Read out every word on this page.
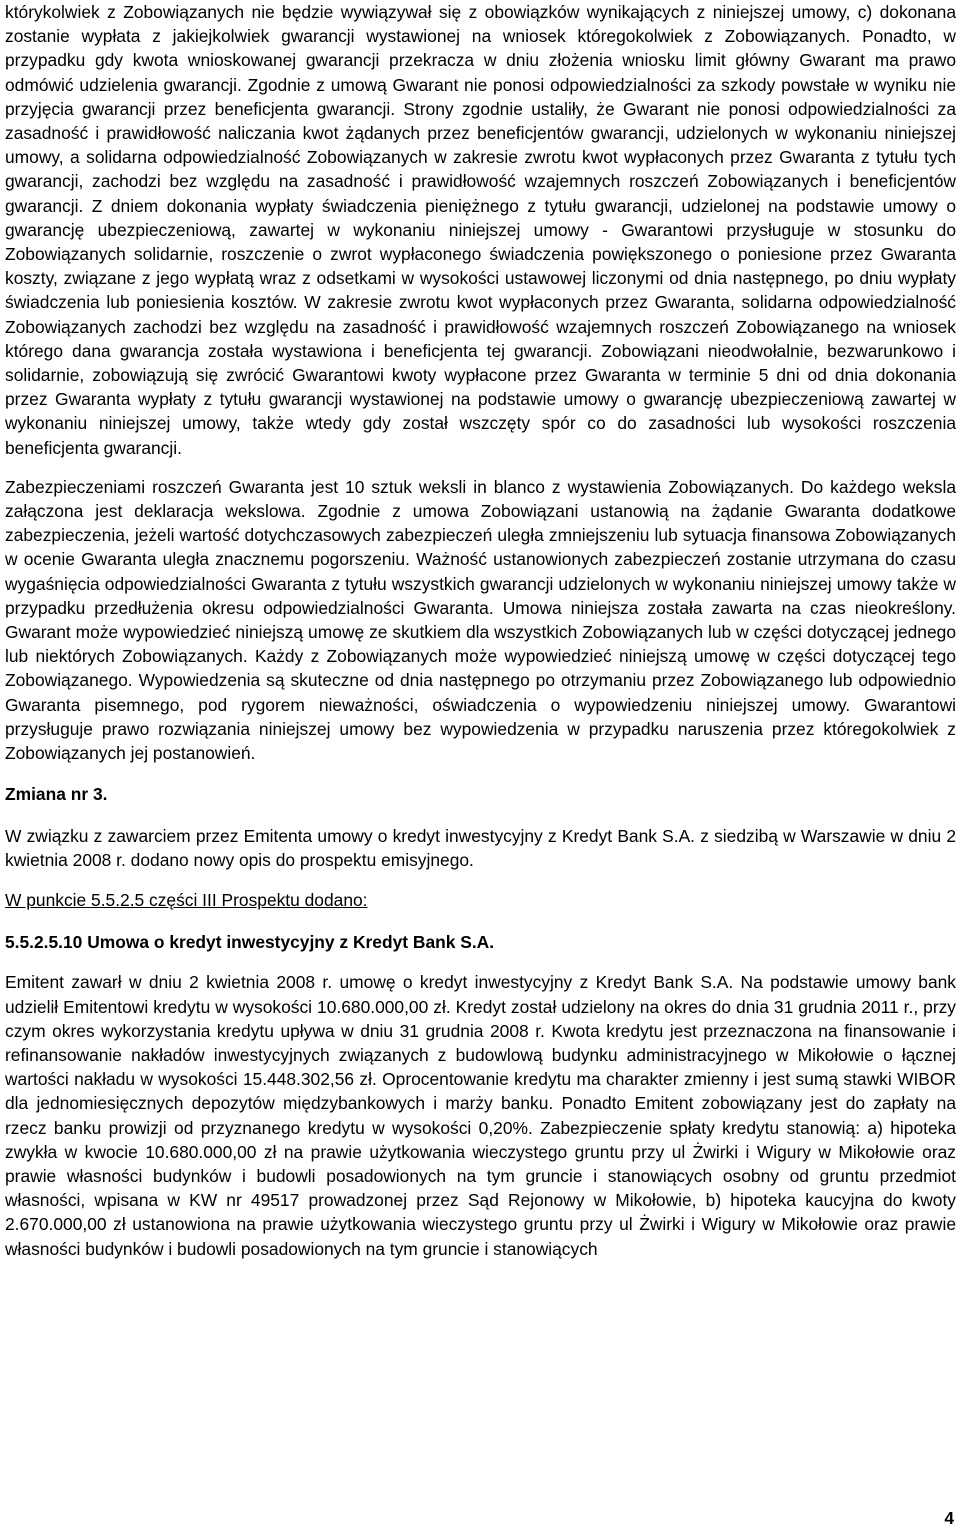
którykolwiek z Zobowiązanych nie będzie wywiązywał się z obowiązków wynikających z niniejszej umowy, c) dokonana zostanie wypłata z jakiejkolwiek gwarancji wystawionej na wniosek któregokolwiek z Zobowiązanych. Ponadto, w przypadku gdy kwota wnioskowanej gwarancji przekracza w dniu złożenia wniosku limit główny Gwarant ma prawo odmówić udzielenia gwarancji. Zgodnie z umową Gwarant nie ponosi odpowiedzialności za szkody powstałe w wyniku nie przyjęcia gwarancji przez beneficjenta gwarancji. Strony zgodnie ustaliły, że Gwarant nie ponosi odpowiedzialności za zasadność i prawidłowość naliczania kwot żądanych przez beneficjentów gwarancji, udzielonych w wykonaniu niniejszej umowy, a solidarna odpowiedzialność Zobowiązanych w zakresie zwrotu kwot wypłaconych przez Gwaranta z tytułu tych gwarancji, zachodzi bez względu na zasadność i prawidłowość wzajemnych roszczeń Zobowiązanych i beneficjentów gwarancji. Z dniem dokonania wypłaty świadczenia pieniężnego z tytułu gwarancji, udzielonej na podstawie umowy o gwarancję ubezpieczeniową, zawartej w wykonaniu niniejszej umowy - Gwarantowi przysługuje w stosunku do Zobowiązanych solidarnie, roszczenie o zwrot wypłaconego świadczenia powiększonego o poniesione przez Gwaranta koszty, związane z jego wypłatą wraz z odsetkami w wysokości ustawowej liczonymi od dnia następnego, po dniu wypłaty świadczenia lub poniesienia kosztów. W zakresie zwrotu kwot wypłaconych przez Gwaranta, solidarna odpowiedzialność Zobowiązanych zachodzi bez względu na zasadność i prawidłowość wzajemnych roszczeń Zobowiązanego na wniosek którego dana gwarancja została wystawiona i beneficjenta tej gwarancji. Zobowiązani nieodwołalnie, bezwarunkowo i solidarnie, zobowiązują się zwrócić Gwarantowi kwoty wypłacone przez Gwaranta w terminie 5 dni od dnia dokonania przez Gwaranta wypłaty z tytułu gwarancji wystawionej na podstawie umowy o gwarancję ubezpieczeniową zawartej w wykonaniu niniejszej umowy, także wtedy gdy został wszczęty spór co do zasadności lub wysokości roszczenia beneficjenta gwarancji.

Zabezpieczeniami roszczeń Gwaranta jest 10 sztuk weksli in blanco z wystawienia Zobowiązanych. Do każdego weksla załączona jest deklaracja wekslowa. Zgodnie z umowa Zobowiązani ustanowią na żądanie Gwaranta dodatkowe zabezpieczenia, jeżeli wartość dotychczasowych zabezpieczeń uległa zmniejszeniu lub sytuacja finansowa Zobowiązanych w ocenie Gwaranta uległa znacznemu pogorszeniu. Ważność ustanowionych zabezpieczeń zostanie utrzymana do czasu wygaśnięcia odpowiedzialności Gwaranta z tytułu wszystkich gwarancji udzielonych w wykonaniu niniejszej umowy także w przypadku przedłużenia okresu odpowiedzialności Gwaranta. Umowa niniejsza została zawarta na czas nieokreślony. Gwarant może wypowiedzieć niniejszą umowę ze skutkiem dla wszystkich Zobowiązanych lub w części dotyczącej jednego lub niektórych Zobowiązanych. Każdy z Zobowiązanych może wypowiedzieć niniejszą umowę w części dotyczącej tego Zobowiązanego. Wypowiedzenia są skuteczne od dnia następnego po otrzymaniu przez Zobowiązanego lub odpowiednio Gwaranta pisemnego, pod rygorem nieważności, oświadczenia o wypowiedzeniu niniejszej umowy. Gwarantowi przysługuje prawo rozwiązania niniejszej umowy bez wypowiedzenia w przypadku naruszenia przez któregokolwiek z Zobowiązanych jej postanowień.

Zmiana nr 3.

W związku z zawarciem przez Emitenta umowy o kredyt inwestycyjny z Kredyt Bank S.A. z siedzibą w Warszawie w dniu 2 kwietnia 2008 r. dodano nowy opis do prospektu emisyjnego.

W punkcie 5.5.2.5 części III Prospektu dodano:

5.5.2.5.10 Umowa o kredyt inwestycyjny z Kredyt Bank S.A.

Emitent zawarł w dniu 2 kwietnia 2008 r. umowę o kredyt inwestycyjny z Kredyt Bank S.A. Na podstawie umowy bank udzielił Emitentowi kredytu w wysokości 10.680.000,00 zł. Kredyt został udzielony na okres do dnia 31 grudnia 2011 r., przy czym okres wykorzystania kredytu upływa w dniu 31 grudnia 2008 r. Kwota kredytu jest przeznaczona na finansowanie i refinansowanie nakładów inwestycyjnych związanych z budowlową budynku administracyjnego w Mikołowie o łącznej wartości nakładu w wysokości 15.448.302,56 zł. Oprocentowanie kredytu ma charakter zmienny i jest sumą stawki WIBOR dla jednomiesięcznych depozytów międzybankowych i marży banku. Ponadto Emitent zobowiązany jest do zapłaty na rzecz banku prowizji od przyznanego kredytu w wysokości 0,20%. Zabezpieczenie spłaty kredytu stanowią: a) hipoteka zwykła w kwocie 10.680.000,00 zł na prawie użytkowania wieczystego gruntu przy ul Żwirki i Wigury w Mikołowie oraz prawie własności budynków i budowli posadowionych na tym gruncie i stanowiących osobny od gruntu przedmiot własności, wpisana w KW nr 49517 prowadzonej przez Sąd Rejonowy w Mikołowie, b) hipoteka kaucyjna do kwoty 2.670.000,00 zł ustanowiona na prawie użytkowania wieczystego gruntu przy ul Żwirki i Wigury w Mikołowie oraz prawie własności budynków i budowli posadowionych na tym gruncie i stanowiących

4
